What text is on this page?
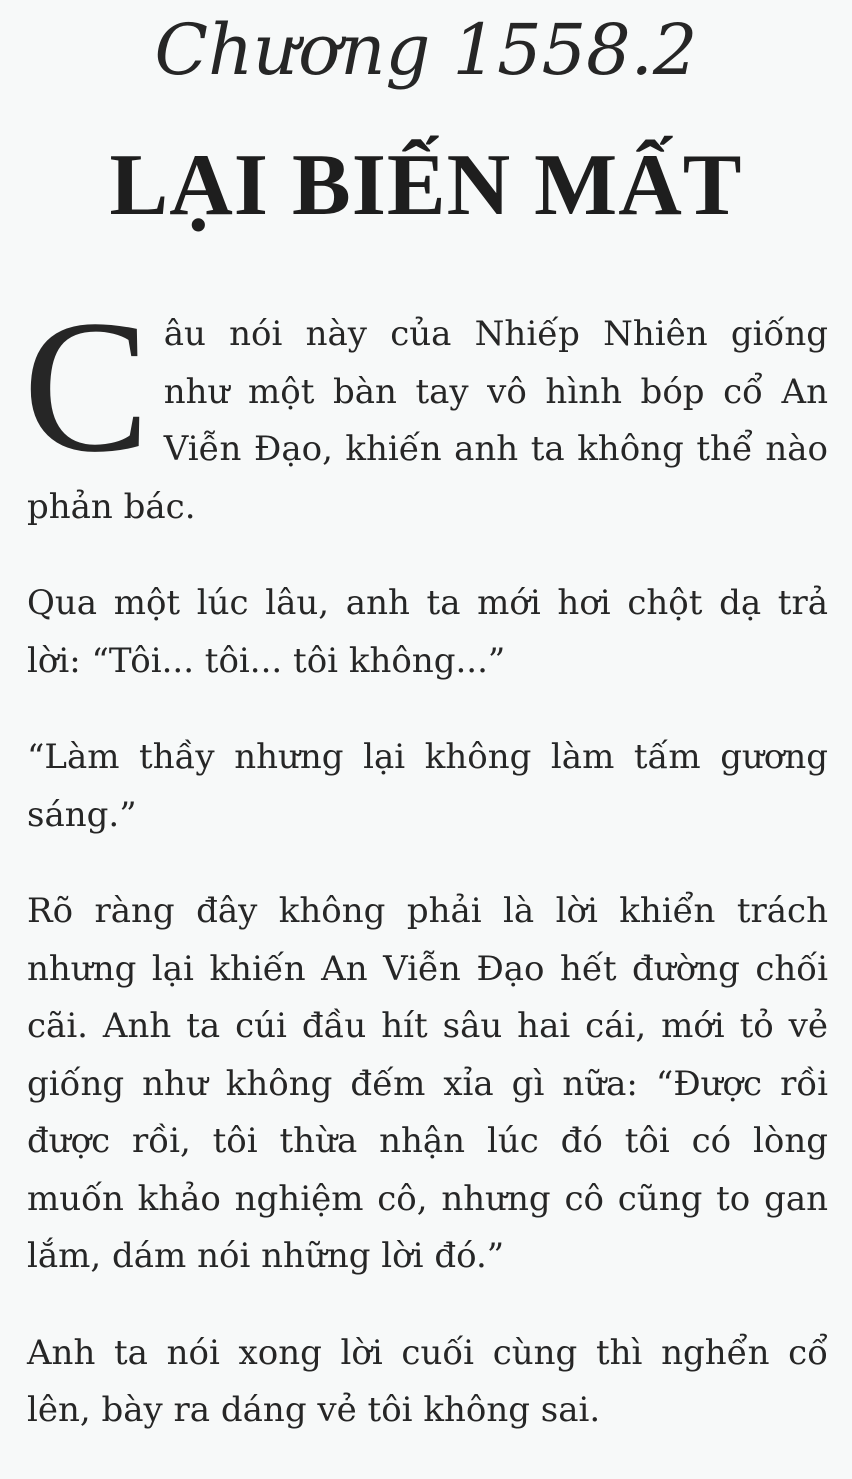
Chương 1558.2
LẠI BIẾN MẤT

Câu nói này của Nhiếp Nhiên giống như một bàn tay vô hình bóp cổ An Viễn Đạo, khiến anh ta không thể nào phản bác.

Qua một lúc lâu, anh ta mới hơi chột dạ trả lời: “Tôi... tôi... tôi không...”

“Làm thầy nhưng lại không làm tấm gương sáng.”

Rõ ràng đây không phải là lời khiển trách nhưng lại khiến An Viễn Đạo hết đường chối cãi. Anh ta cúi đầu hít sâu hai cái, mới tỏ vẻ giống như không đếm xỉa gì nữa: “Được rồi được rồi, tôi thừa nhận lúc đó tôi có lòng muốn khảo nghiệm cô, nhưng cô cũng to gan lắm, dám nói những lời đó.”

Anh ta nói xong lời cuối cùng thì nghển cổ lên, bày ra dáng vẻ tôi không sai.
